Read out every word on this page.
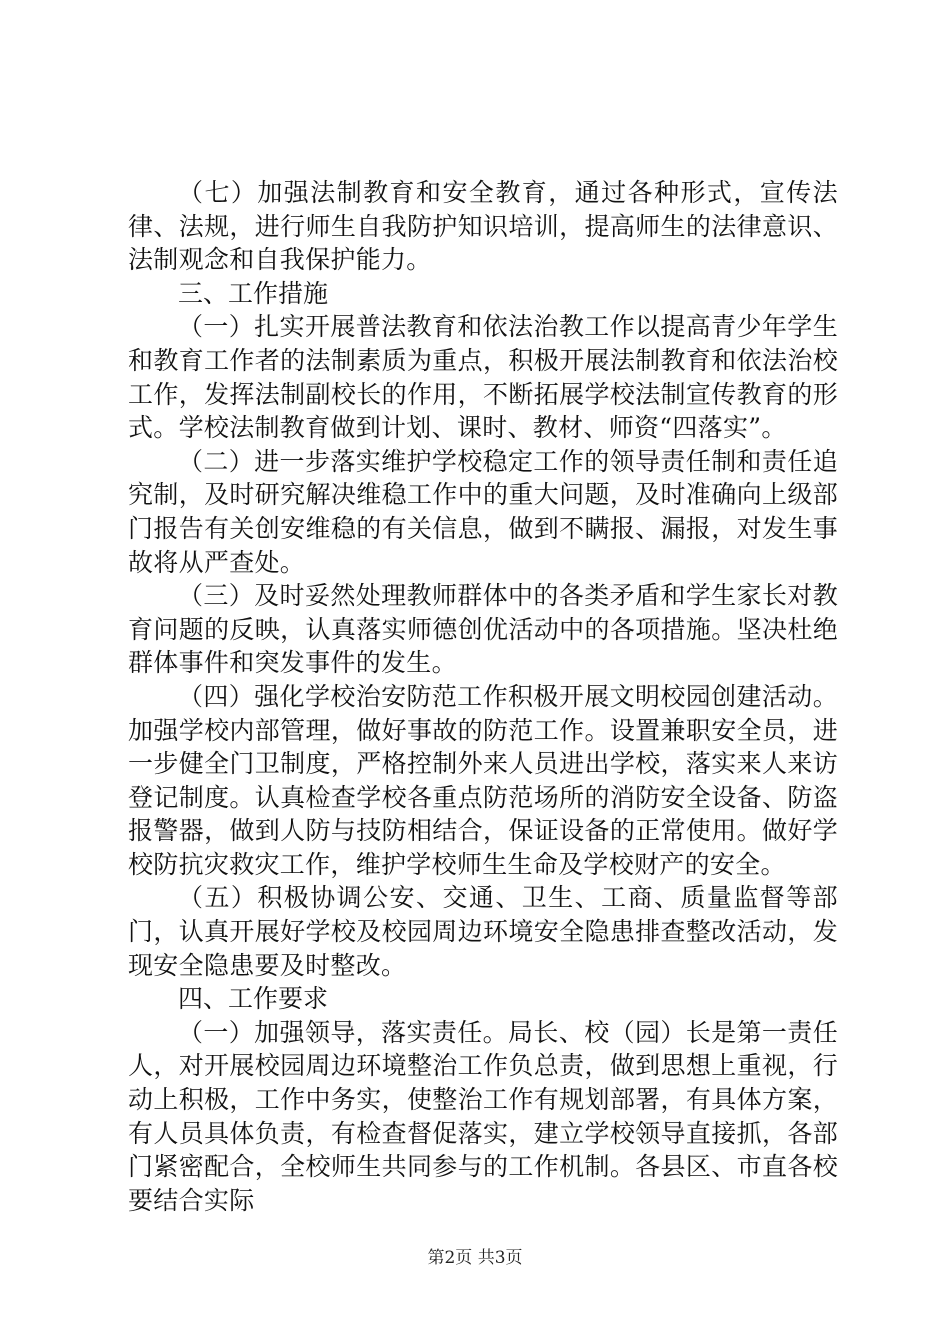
（七）加强法制教育和安全教育，通过各种形式，宣传法律、法规，进行师生自我防护知识培训，提高师生的法律意识、法制观念和自我保护能力。

三、工作措施

（一）扎实开展普法教育和依法治教工作以提高青少年学生和教育工作者的法制素质为重点，积极开展法制教育和依法治校工作，发挥法制副校长的作用，不断拓展学校法制宣传教育的形式。学校法制教育做到计划、课时、教材、师资“四落实”。

（二）进一步落实维护学校稳定工作的领导责任制和责任追究制，及时研究解决维稳工作中的重大问题，及时准确向上级部门报告有关创安维稳的有关信息，做到不瞒报、漏报，对发生事故将从严查处。

（三）及时妥然处理教师群体中的各类矛盾和学生家长对教育问题的反映，认真落实师德创优活动中的各项措施。坚决杜绝群体事件和突发事件的发生。

（四）强化学校治安防范工作积极开展文明校园创建活动。加强学校内部管理，做好事故的防范工作。设置兼职安全员，进一步健全门卫制度，严格控制外来人员进出学校，落实来人来访登记制度。认真检查学校各重点防范场所的消防安全设备、防盗报警器，做到人防与技防相结合，保证设备的正常使用。做好学校防抗灾救灾工作，维护学校师生生命及学校财产的安全。

（五）积极协调公安、交通、卫生、工商、质量监督等部门，认真开展好学校及校园周边环境安全隐患排查整改活动，发现安全隐患要及时整改。

四、工作要求

（一）加强领导，落实责任。局长、校（园）长是第一责任人，对开展校园周边环境整治工作负总责，做到思想上重视，行动上积极，工作中务实，使整治工作有规划部署，有具体方案，有人员具体负责，有检查督促落实，建立学校领导直接抓，各部门紧密配合，全校师生共同参与的工作机制。各县区、市直各校要结合实际

第2页 共3页
